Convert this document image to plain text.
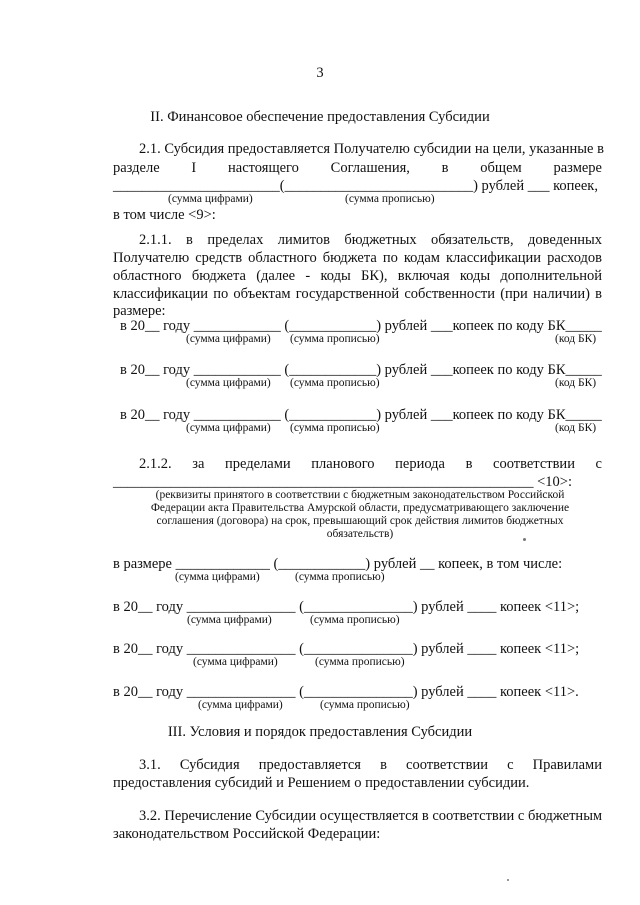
3
II. Финансовое обеспечение предоставления Субсидии
2.1. Субсидия предоставляется Получателю субсидии на цели, указанные в
разделе I настоящего Соглашения, в общем размере
_______________________(__________________________) рублей ___ копеек,
(сумма цифрами)	(сумма прописью)
в том числе <9>:
2.1.1. в пределах лимитов бюджетных обязательств, доведенных
Получателю средств областного бюджета по кодам классификации расходов
областного бюджета (далее - коды БК), включая коды дополнительной
классификации по объектам государственной собственности (при наличии) в
размере:
в 20__ году ____________ (____________) рублей ___копеек по коду БК_____
(сумма цифрами) (сумма прописью)	(код БК)
в 20__ году ____________ (____________) рублей ___копеек по коду БК_____
(сумма цифрами) (сумма прописью)	(код БК)
в 20__ году ____________ (____________) рублей ___копеек по коду БК_____
(сумма цифрами) (сумма прописью)	(код БК)
2.1.2. за пределами планового периода в соответствии с
__________________________________________________________ <10>:
(реквизиты принятого в соответствии с бюджетным законодательством Российской
Федерации акта Правительства Амурской области, предусматривающего заключение
соглашения (договора) на срок, превышающий срок действия лимитов бюджетных
обязательств)
в размере _____________ (____________) рублей __ копеек, в том числе:
(сумма цифрами)	(сумма прописью)
в 20__ году _______________ (_______________) рублей ____ копеек <11>;
(сумма цифрами)	(сумма прописью)
в 20__ году _______________ (_______________) рублей ____ копеек <11>;
(сумма цифрами)	(сумма прописью)
в 20__ году _______________ (_______________) рублей ____ копеек <11>.
(сумма цифрами)	(сумма прописью)
III. Условия и порядок предоставления Субсидии
3.1. Субсидия предоставляется в соответствии с Правилами
предоставления субсидий и Решением о предоставлении субсидии.
3.2. Перечисление Субсидии осуществляется в соответствии с бюджетным
законодательством Российской Федерации:
